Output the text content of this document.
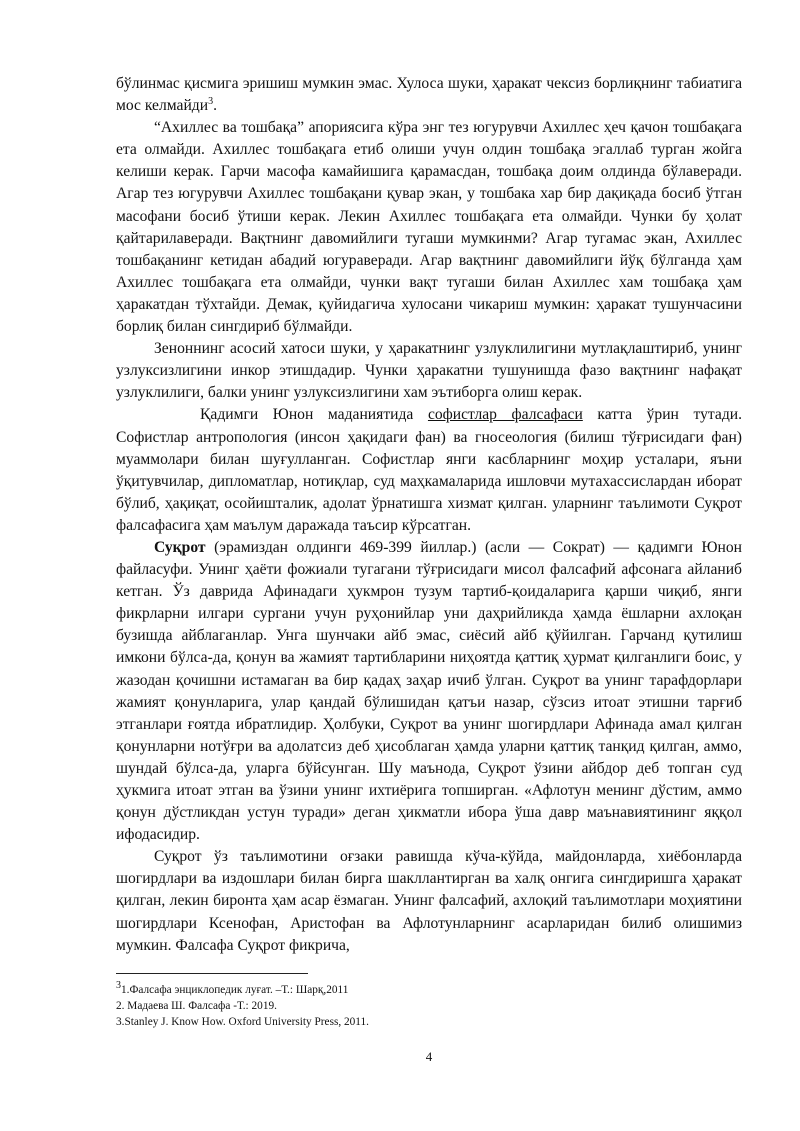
бўлинмас қисмига эришиш мумкин эмас. Хулоса шуки, ҳаракат чексиз борлиқнинг табиатига мос келмайди$^3$.

“Ахиллес ва тошбақа” апориясига кўра энг тез югурувчи Ахиллес ҳеч қачон тошбақага ета олмайди. Ахиллес тошбақага етиб олиши учун олдин тошбақа эгаллаб турган жойга келиши керак. Гарчи масофа камайишига қарамасдан, тошбақа доим олдинда бўлаверади. Агар тез югурувчи Ахиллес тошбақани қувар экан, у тошбака хар бир дақиқада босиб ўтган масофани босиб ўтиши керак. Лекин Ахиллес тошбақага ета олмайди. Чунки бу ҳолат қайтарилаверади. Вақтнинг давомийлиги тугаши мумкинми? Агар тугамас экан, Ахиллес тошбақанинг кетидан абадий югураверади. Агар вақтнинг давомийлиги йўқ бўлганда ҳам Ахиллес тошбақага ета олмайди, чунки вақт тугаши билан Ахиллес хам тошбақа ҳам ҳаракатдан тўхтайди. Демак, қуйидагича хулосани чикариш мумкин: ҳаракат тушунчасини борлиқ билан сингдириб бўлмайди.

Зеноннинг асосий хатоси шуки, у ҳаракатнинг узлуклилигини мутлақлаштириб, унинг узлуксизлигини инкор этишдадир. Чунки ҳаракатни тушунишда фазо вақтнинг нафақат узлуклилиги, балки унинг узлуксизлигини хам эътиборга олиш керак.

Қадимги Юнон маданиятида софистлар фалсафаси катта ўрин тутади. Софистлар антропология (инсон ҳақидаги фан) ва гносеология (билиш тўғрисидаги фан) муаммолари билан шуғулланган. Софистлар янги касбларнинг моҳир усталари, яъни ўқитувчилар, дипломатлар, нотиқлар, суд маҳкамаларида ишловчи мутахассислардан иборат бўлиб, ҳақиқат, осойишталик, адолат ўрнатишга хизмат қилган. уларнинг таълимоти Суқрот фалсафасига ҳам маълум даражада таъсир кўрсатган.

Суқрот (эрамиздан олдинги 469-399 йиллар.) (асли — Сократ) — қадимги Юнон файласуфи. Унинг ҳаёти фожиали тугагани тўғрисидаги мисол фалсафий афсонага айланиб кетган. Ўз даврида Афинадаги ҳукмрон тузум тартиб-қоидаларига қарши чиқиб, янги фикрларни илгари сургани учун руҳонийлар уни даҳрийликда ҳамда ёшларни ахлоқан бузишда айблаганлар. Унга шунчаки айб эмас, сиёсий айб қўйилган. Гарчанд қутилиш имкони бўлса-да, қонун ва жамият тартибларини ниҳоятда қаттиқ ҳурмат қилганлиги боис, у жазодан қочишни истамаган ва бир қадаҳ заҳар ичиб ўлган. Суқрот ва унинг тарафдорлари жамият қонунларига, улар қандай бўлишидан қатъи назар, сўзсиз итоат этишни тарғиб этганлари ғоятда ибратлидир. Ҳолбуки, Суқрот ва унинг шогирдлари Афинада амал қилган қонунларни нотўғри ва адолатсиз деб ҳисоблаган ҳамда уларни қаттиқ танқид қилган, аммо, шундай бўлса-да, уларга бўйсунган. Шу маънода, Суқрот ўзини айбдор деб топган суд ҳукмига итоат этган ва ўзини унинг ихтиёрига топширган. «Афлотун менинг дўстим, аммо қонун дўстликдан устун туради» деган ҳикматли ибора ўша давр маънавиятининг яққол ифодасидир.

Суқрот ўз таълимотини оғзаки равишда кўча-кўйда, майдонларда, хиёбонларда шогирдлари ва издошлари билан бирга шакллантирган ва халқ онгига сингдиришга ҳаракат қилган, лекин биронта ҳам асар ёзмаган. Унинг фалсафий, ахлоқий таълимотлари моҳиятини шогирдлари Ксенофан, Аристофан ва Афлотунларнинг асарларидан билиб олишимиз мумкин. Фалсафа Суқрот фикрича,

$^3$1.Фалсафа энциклопедик луғат. –Т.: Шарқ,2011

2. Мадаева Ш. Фалсафа -Т.: 2019.

3.Stanley J. Know How. Oxford University Press, 2011.

4
